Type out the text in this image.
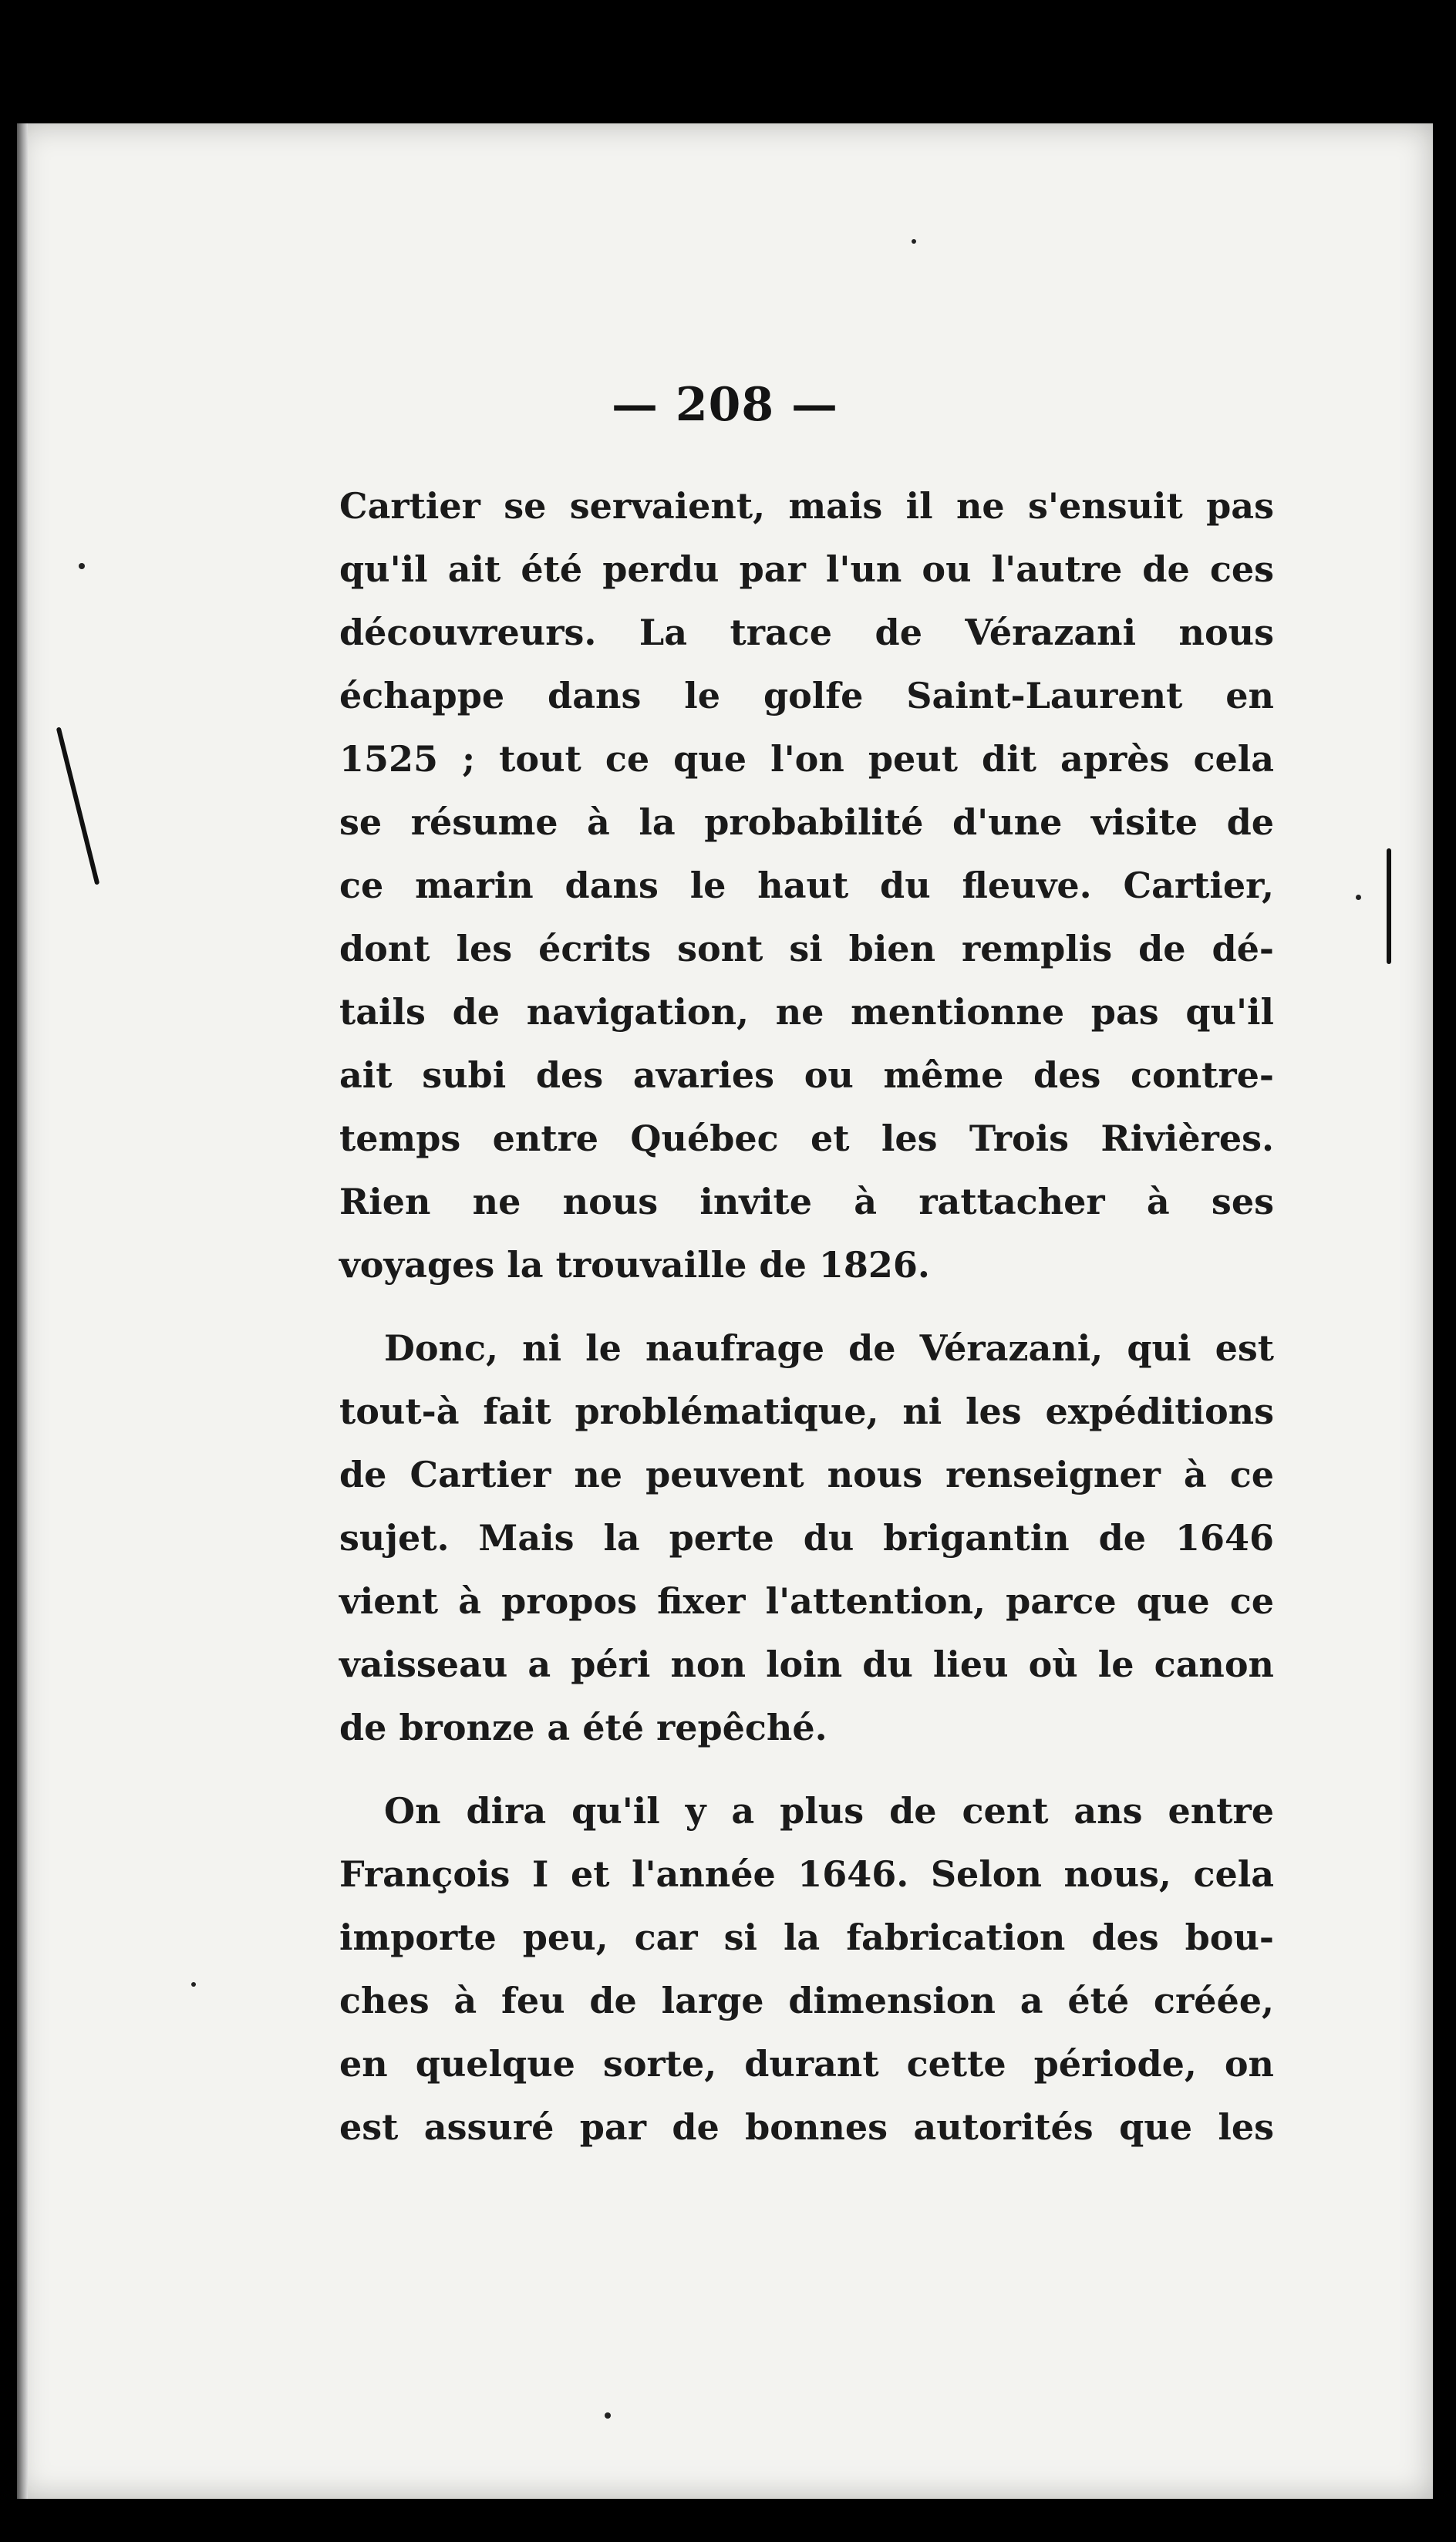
— 208 —
Cartier se servaient, mais il ne s'ensuit pas
qu'il ait été perdu par l'un ou l'autre de ces
découvreurs. La trace de Vérazani nous
échappe dans le golfe Saint-Laurent en
1525 ; tout ce que l'on peut dit après cela
se résume à la probabilité d'une visite de
ce marin dans le haut du fleuve. Cartier,
dont les écrits sont si bien remplis de dé-
tails de navigation, ne mentionne pas qu'il
ait subi des avaries ou même des contre-
temps entre Québec et les Trois Rivières.
Rien ne nous invite à rattacher à ses
voyages la trouvaille de 1826.
Donc, ni le naufrage de Vérazani, qui est
tout-à fait problématique, ni les expéditions
de Cartier ne peuvent nous renseigner à ce
sujet. Mais la perte du brigantin de 1646
vient à propos fixer l'attention, parce que ce
vaisseau a péri non loin du lieu où le canon
de bronze a été repêché.
On dira qu'il y a plus de cent ans entre
François I et l'année 1646. Selon nous, cela
importe peu, car si la fabrication des bou-
ches à feu de large dimension a été créée,
en quelque sorte, durant cette période, on
est assuré par de bonnes autorités que les
